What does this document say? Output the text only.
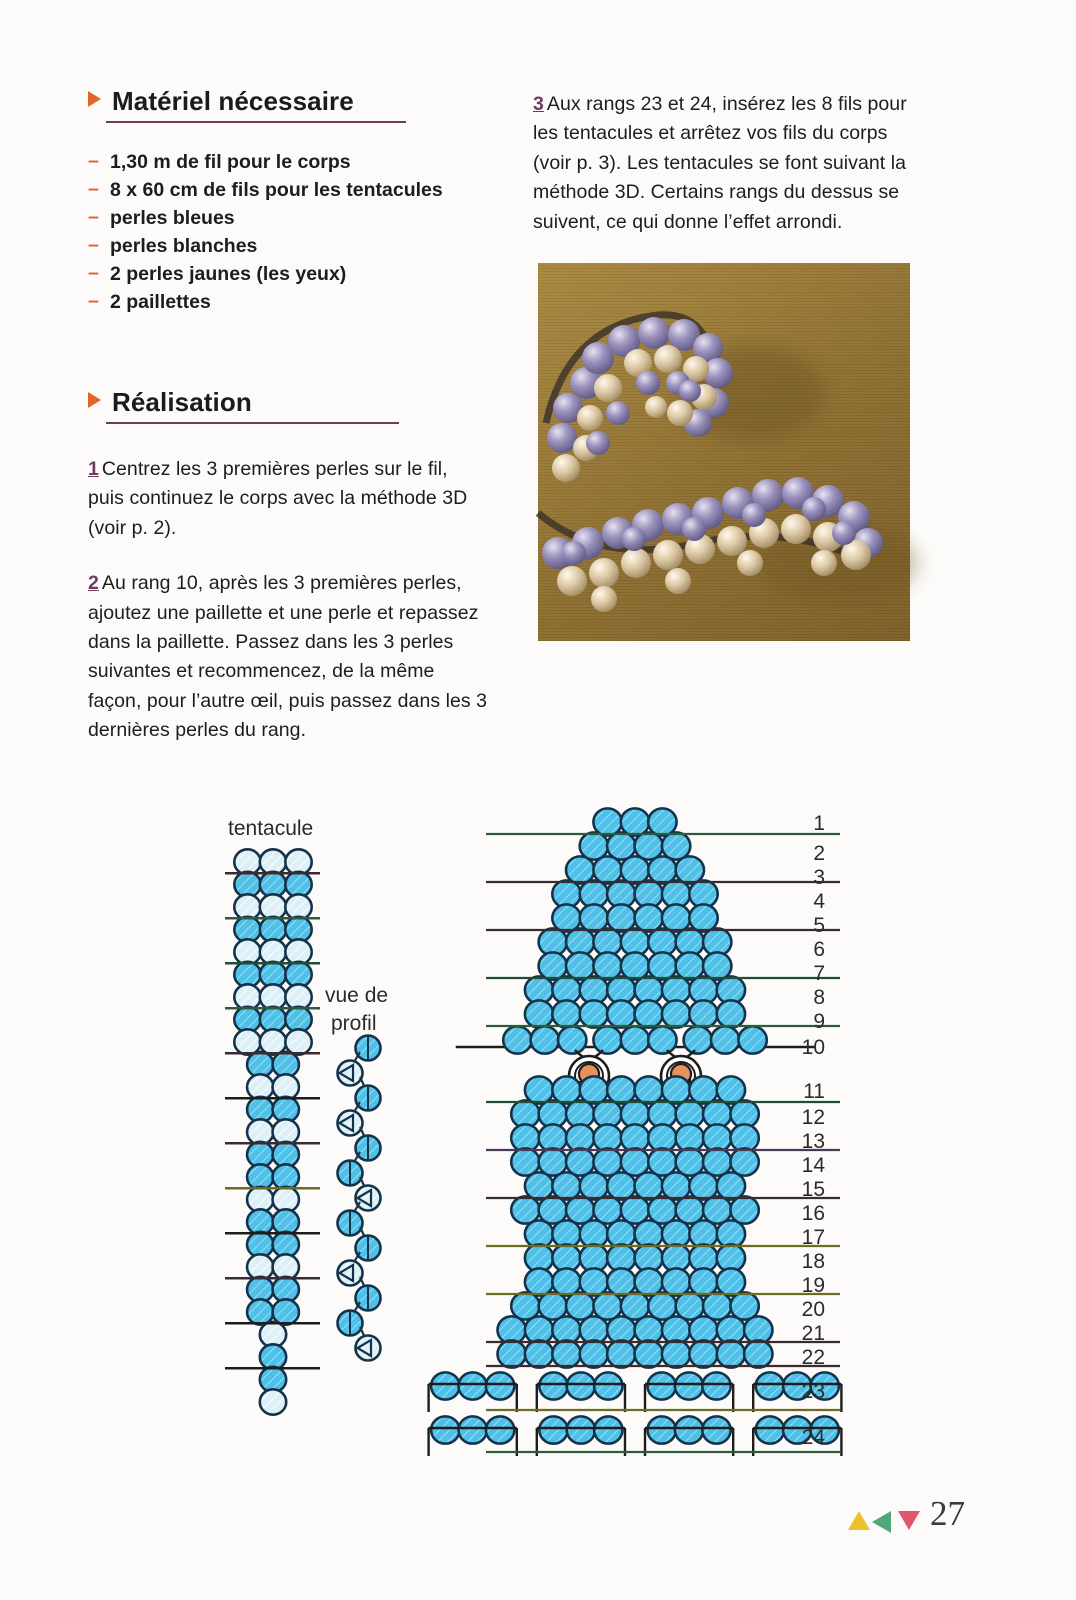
Matériel nécessaire
– 1,30 m de fil pour le corps
– 8 x 60 cm de fils pour les tentacules
– perles bleues
– perles blanches
– 2 perles jaunes (les yeux)
– 2 paillettes
Réalisation

1 Centrez les 3 premières perles sur le fil, puis continuez le corps avec la méthode 3D (voir p. 2).

2 Au rang 10, après les 3 premières perles, ajoutez une paillette et une perle et repassez dans la paillette. Passez dans les 3 perles suivantes et recommencez, de la même façon, pour l’autre œil, puis passez dans les 3 dernières perles du rang.

3 Aux rangs 23 et 24, insérez les 8 fils pour les tentacules et arrêtez vos fils du corps (voir p. 3). Les tentacules se font suivant la méthode 3D. Certains rangs du dessus se suivent, ce qui donne l’effet arrondi.

tentacule
vue de
profil
1
2
3
4
5
6
7
8
9
10
11
12
13
14
15
16
17
18
19
20
21
22
23
24
27
